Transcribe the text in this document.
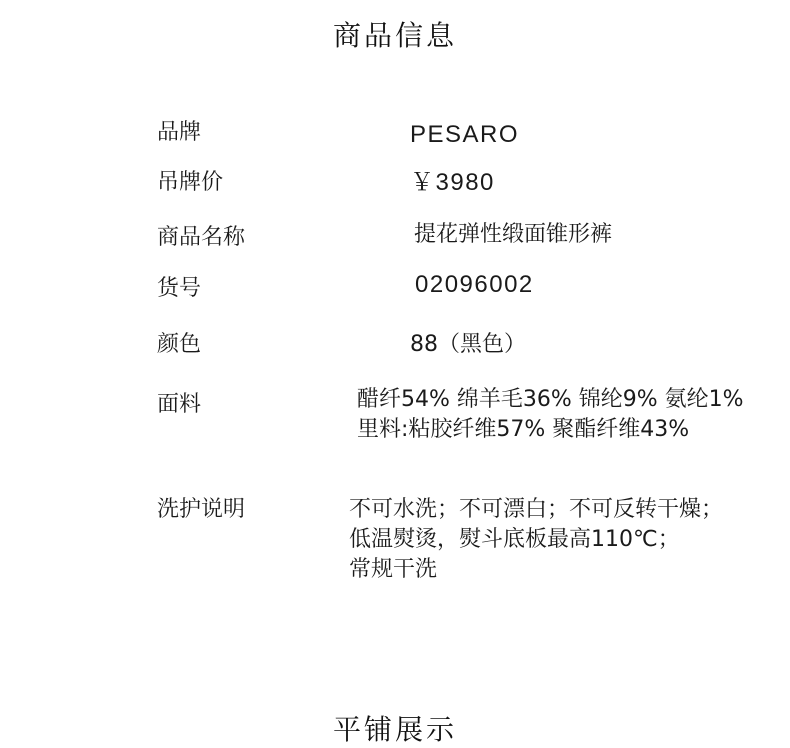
商品信息
品牌	PESARO
吊牌价	￥3980
商品名称	提花弹性缎面锥形裤
货号	02096002
颜色	88（黑色）
面料	醋纤54% 绵羊毛36% 锦纶9% 氨纶1%
里料:粘胶纤维57% 聚酯纤维43%
洗护说明	不可水洗；不可漂白；不可反转干燥；
低温熨烫，熨斗底板最高110℃；
常规干洗
平铺展示
